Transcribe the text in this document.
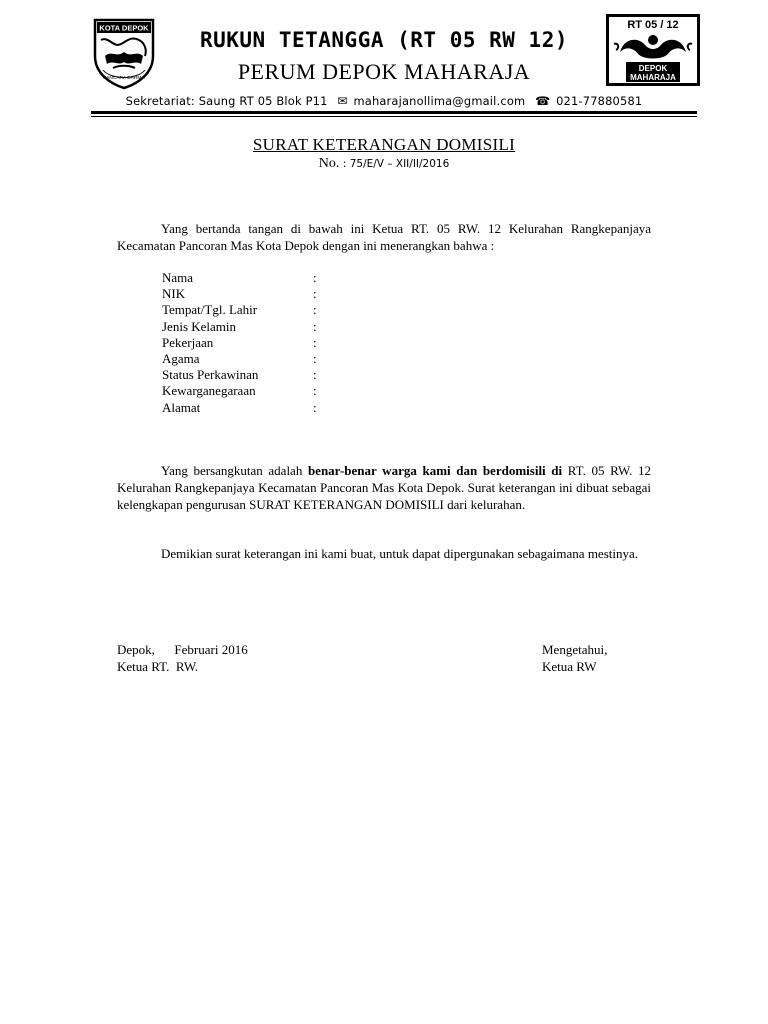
KOTA DEPOK
PANCARA DARMA
RT 05 / 12
DEPOK
MAHARAJA
RUKUN TETANGGA (RT 05 RW 12)
PERUM DEPOK MAHARAJA
Sekretariat: Saung RT 05 Blok P11 ✉ maharajanollima@gmail.com ☎ 021-77880581
SURAT KETERANGAN DOMISILI
No. : 75/E/V – XII/II/2016
Yang bertanda tangan di bawah ini Ketua RT. 05 RW. 12 Kelurahan Rangkepanjaya Kecamatan Pancoran Mas Kota Depok dengan ini menerangkan bahwa :
Nama	:
NIK	:
Tempat/Tgl. Lahir	:
Jenis Kelamin	:
Pekerjaan	:
Agama	:
Status Perkawinan	:
Kewarganegaraan	:
Alamat	:
Yang bersangkutan adalah benar-benar warga kami dan berdomisili di RT. 05 RW. 12 Kelurahan Rangkepanjaya Kecamatan Pancoran Mas Kota Depok. Surat keterangan ini dibuat sebagai kelengkapan pengurusan SURAT KETERANGAN DOMISILI dari kelurahan.
Demikian surat keterangan ini kami buat, untuk dapat dipergunakan sebagaimana mestinya.
Depok,      Februari 2016
Ketua RT.  RW.
Mengetahui,
Ketua RW
